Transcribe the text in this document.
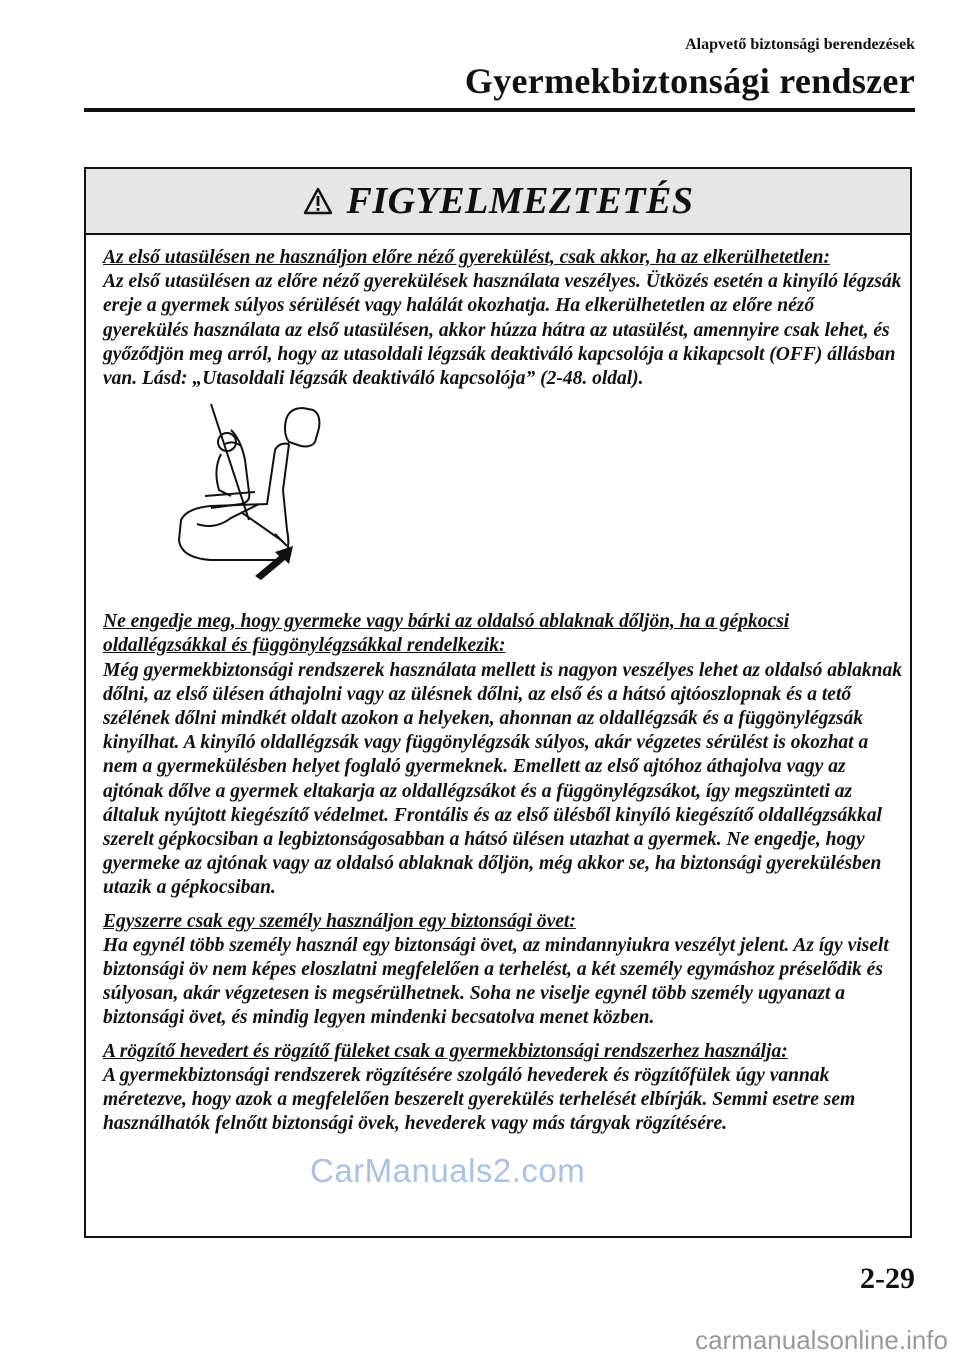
Alapvető biztonsági berendezések
Gyermekbiztonsági rendszer
FIGYELMEZTETÉS
Az első utasülésen ne használjon előre néző gyerekülést, csak akkor, ha az elkerülhetetlen:
Az első utasülésen az előre néző gyerekülések használata veszélyes. Ütközés esetén a kinyíló légzsák ereje a gyermek súlyos sérülését vagy halálát okozhatja. Ha elkerülhetetlen az előre néző gyerekülés használata az első utasülésen, akkor húzza hátra az utasülést, amennyire csak lehet, és győződjön meg arról, hogy az utasoldali légzsák deaktiváló kapcsolója a kikapcsolt (OFF) állásban van. Lásd: „Utasoldali légzsák deaktiváló kapcsolója” (2-48. oldal).
Ne engedje meg, hogy gyermeke vagy bárki az oldalsó ablaknak dőljön, ha a gépkocsi oldallégzsákkal és függönylégzsákkal rendelkezik:
Még gyermekbiztonsági rendszerek használata mellett is nagyon veszélyes lehet az oldalsó ablaknak dőlni, az első ülésen áthajolni vagy az ülésnek dőlni, az első és a hátsó ajtóoszlopnak és a tető szélének dőlni mindkét oldalt azokon a helyeken, ahonnan az oldallégzsák és a függönylégzsák kinyílhat. A kinyíló oldallégzsák vagy függönylégzsák súlyos, akár végzetes sérülést is okozhat a nem a gyermekülésben helyet foglaló gyermeknek. Emellett az első ajtóhoz áthajolva vagy az ajtónak dőlve a gyermek eltakarja az oldallégzsákot és a függönylégzsákot, így megszünteti az általuk nyújtott kiegészítő védelmet. Frontális és az első ülésből kinyíló kiegészítő oldallégzsákkal szerelt gépkocsiban a legbiztonságosabban a hátsó ülésen utazhat a gyermek. Ne engedje, hogy gyermeke az ajtónak vagy az oldalsó ablaknak dőljön, még akkor se, ha biztonsági gyerekülésben utazik a gépkocsiban.
Egyszerre csak egy személy használjon egy biztonsági övet:
Ha egynél több személy használ egy biztonsági övet, az mindannyiukra veszélyt jelent. Az így viselt biztonsági öv nem képes eloszlatni megfelelően a terhelést, a két személy egymáshoz préselődik és súlyosan, akár végzetesen is megsérülhetnek. Soha ne viselje egynél több személy ugyanazt a biztonsági övet, és mindig legyen mindenki becsatolva menet közben.
A rögzítő hevedert és rögzítő füleket csak a gyermekbiztonsági rendszerhez használja:
A gyermekbiztonsági rendszerek rögzítésére szolgáló hevederek és rögzítőfülek úgy vannak méretezve, hogy azok a megfelelően beszerelt gyerekülés terhelését elbírják. Semmi esetre sem használhatók felnőtt biztonsági övek, hevederek vagy más tárgyak rögzítésére.
CarManuals2.com
2-29
carmanualsonline.info
